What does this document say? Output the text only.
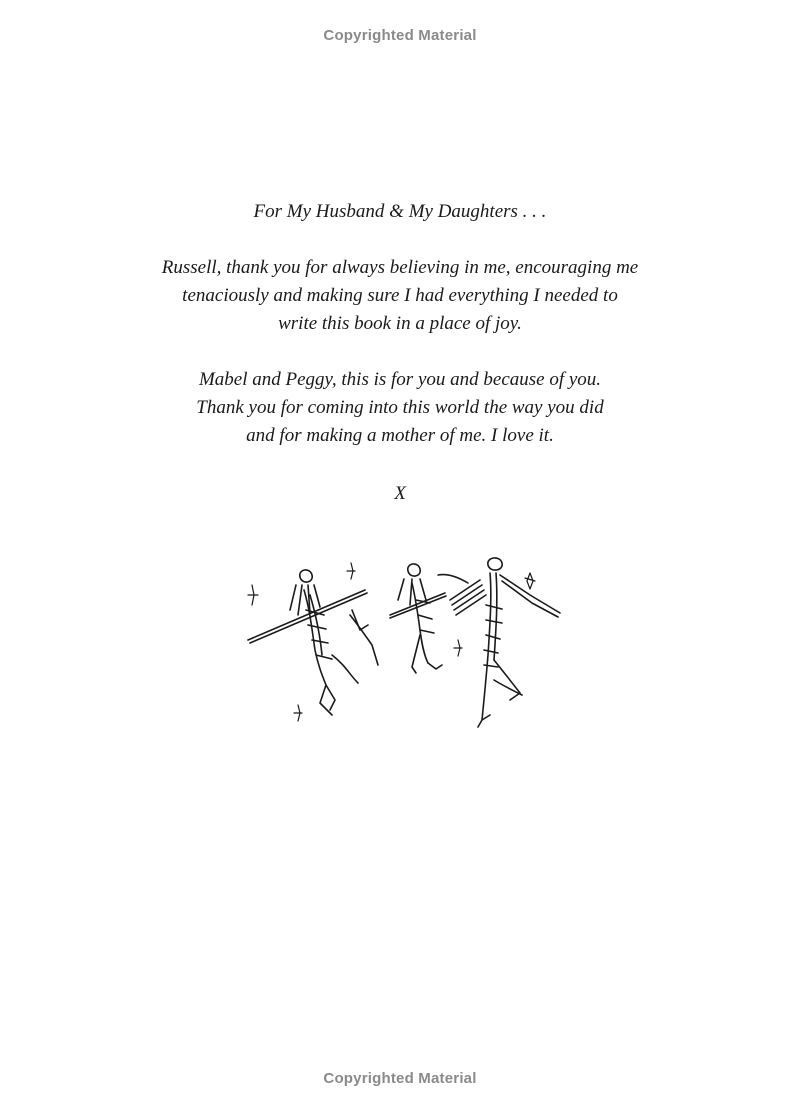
Copyrighted Material

For My Husband & My Daughters . . .

Russell, thank you for always believing in me, encouraging me
tenaciously and making sure I had everything I needed to
write this book in a place of joy.

Mabel and Peggy, this is for you and because of you.
Thank you for coming into this world the way you did
and for making a mother of me. I love it.

X

Copyrighted Material
